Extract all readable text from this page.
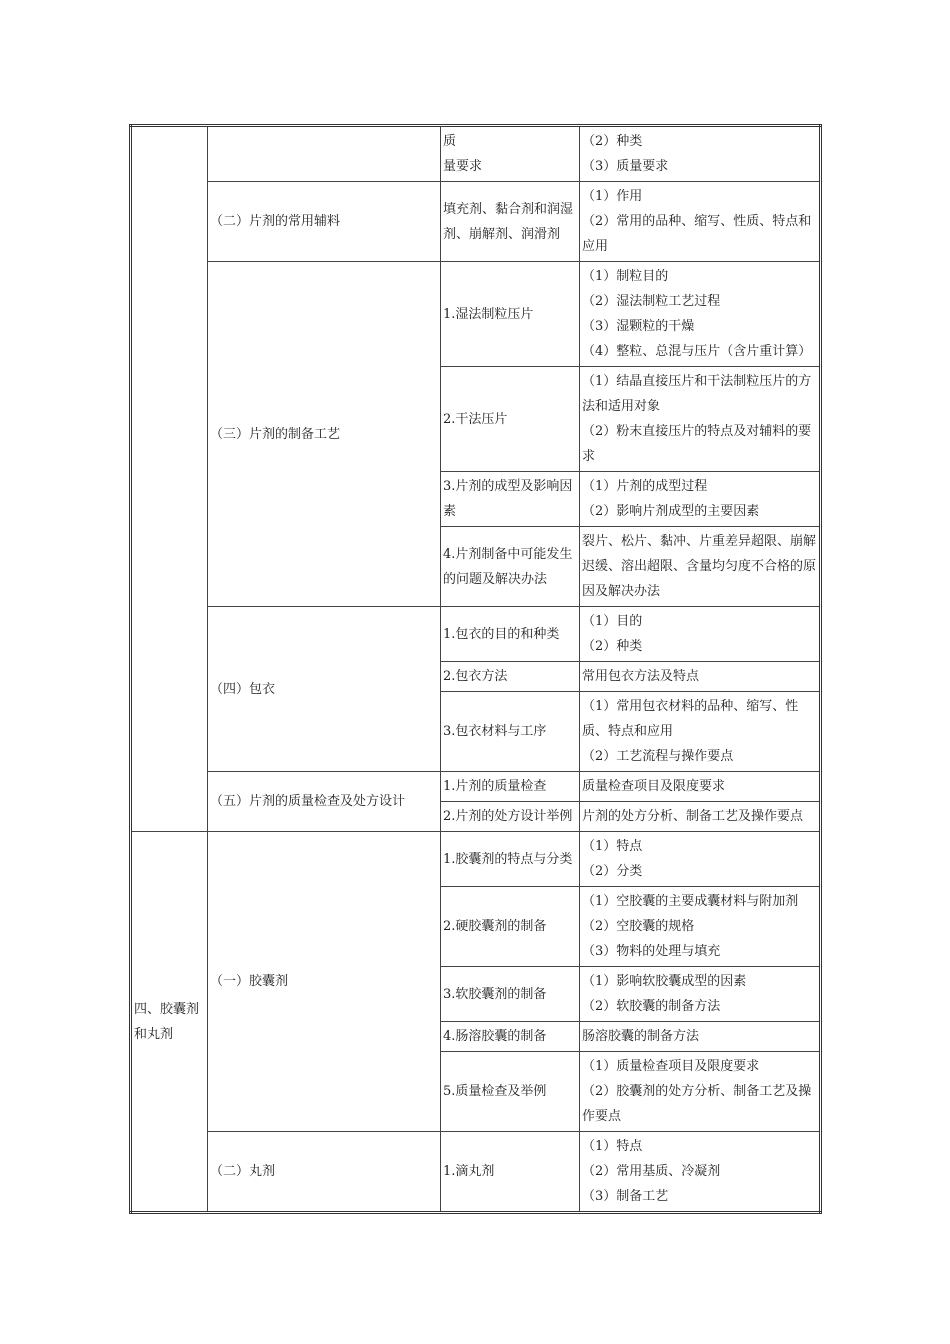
		质
量要求	（2）种类
（3）质量要求

	（二）片剂的常用辅料	填充剂、黏合剂和润湿剂、崩解剂、润滑剂	（1）作用
（2）常用的品种、缩写、性质、特点和应用

	（三）片剂的制备工艺	1.湿法制粒压片	（1）制粒目的
（2）湿法制粒工艺过程
（3）湿颗粒的干燥
（4）整粒、总混与压片（含片重计算）

		2.干法压片	（1）结晶直接压片和干法制粒压片的方法和适用对象
（2）粉末直接压片的特点及对辅料的要求

		3.片剂的成型及影响因素	（1）片剂的成型过程
（2）影响片剂成型的主要因素

		4.片剂制备中可能发生的问题及解决办法	裂片、松片、黏冲、片重差异超限、崩解迟缓、溶出超限、含量均匀度不合格的原因及解决办法

	（四）包衣	1.包衣的目的和种类	（1）目的
（2）种类

		2.包衣方法	常用包衣方法及特点

		3.包衣材料与工序	（1）常用包衣材料的品种、缩写、性质、特点和应用
（2）工艺流程与操作要点

	（五）片剂的质量检查及处方设计	1.片剂的质量检查	质量检查项目及限度要求

		2.片剂的处方设计举例	片剂的处方分析、制备工艺及操作要点

四、胶囊剂和丸剂	（一）胶囊剂	1.胶囊剂的特点与分类	（1）特点
（2）分类

		2.硬胶囊剂的制备	（1）空胶囊的主要成囊材料与附加剂
（2）空胶囊的规格
（3）物料的处理与填充

		3.软胶囊剂的制备	（1）影响软胶囊成型的因素
（2）软胶囊的制备方法

		4.肠溶胶囊的制备	肠溶胶囊的制备方法

		5.质量检查及举例	（1）质量检查项目及限度要求
（2）胶囊剂的处方分析、制备工艺及操作要点

	（二）丸剂	1.滴丸剂	（1）特点
（2）常用基质、冷凝剂
（3）制备工艺
